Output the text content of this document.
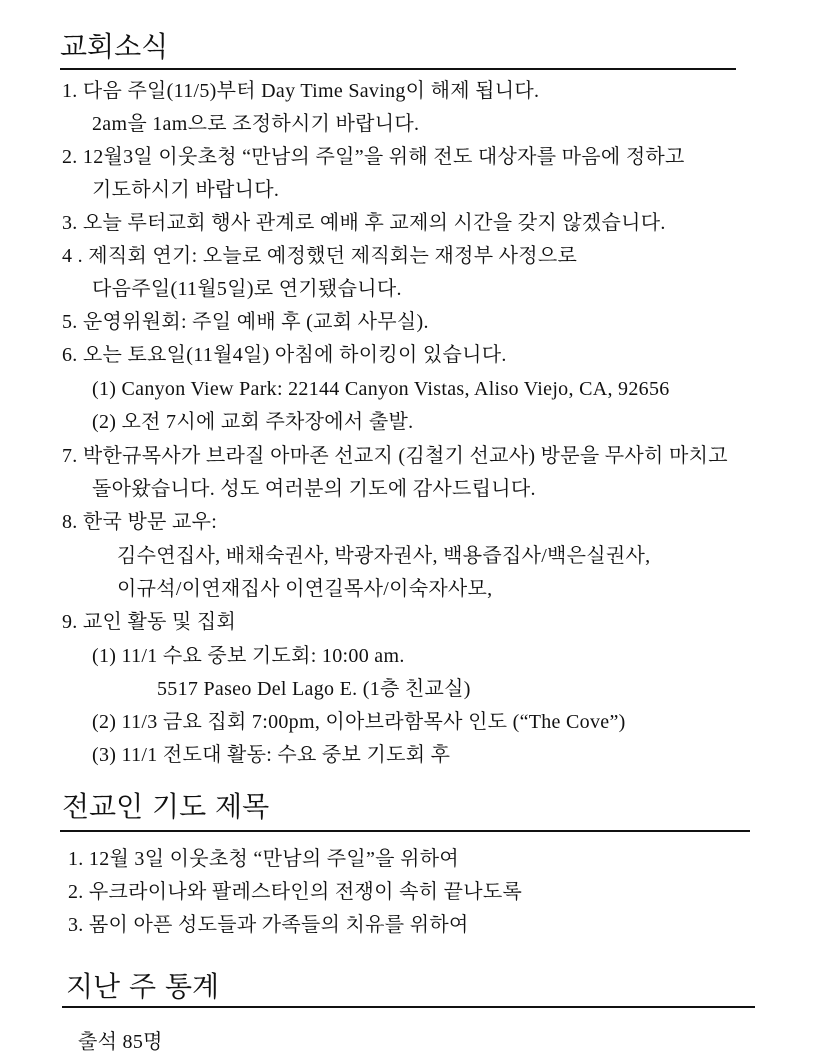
교회소식
1. 다음 주일(11/5)부터 Day Time Saving이 해제 됩니다.
2am을 1am으로 조정하시기 바랍니다.
2. 12월3일 이웃초청 “만남의 주일”을 위해 전도 대상자를 마음에 정하고
기도하시기 바랍니다.
3. 오늘 루터교회 행사 관계로 예배 후 교제의 시간을 갖지 않겠습니다.
4 . 제직회 연기: 오늘로 예정했던 제직회는 재정부 사정으로
다음주일(11월5일)로 연기됐습니다.
5. 운영위원회: 주일 예배 후 (교회 사무실).
6. 오는 토요일(11월4일) 아침에 하이킹이 있습니다.
(1) Canyon View Park: 22144 Canyon Vistas, Aliso Viejo, CA, 92656
(2) 오전 7시에 교회 주차장에서 출발.
7. 박한규목사가 브라질 아마존 선교지 (김철기 선교사) 방문을 무사히 마치고
돌아왔습니다. 성도 여러분의 기도에 감사드립니다.
8. 한국 방문 교우:
김수연집사, 배채숙권사, 박광자권사, 백용즙집사/백은실권사,
이규석/이연재집사 이연길목사/이숙자사모,
9. 교인 활동 및 집회
(1) 11/1 수요 중보 기도회: 10:00 am.
5517 Paseo Del Lago E. (1층 친교실)
(2) 11/3 금요 집회 7:00pm, 이아브라함목사 인도 (“The Cove”)
(3) 11/1 전도대 활동: 수요 중보 기도회 후
전교인 기도 제목
1. 12월 3일 이웃초청 “만남의 주일”을 위하여
2. 우크라이나와 팔레스타인의 전쟁이 속히 끝나도록
3. 몸이 아픈 성도들과 가족들의 치유를 위하여
지난 주 통계
출석 85명
